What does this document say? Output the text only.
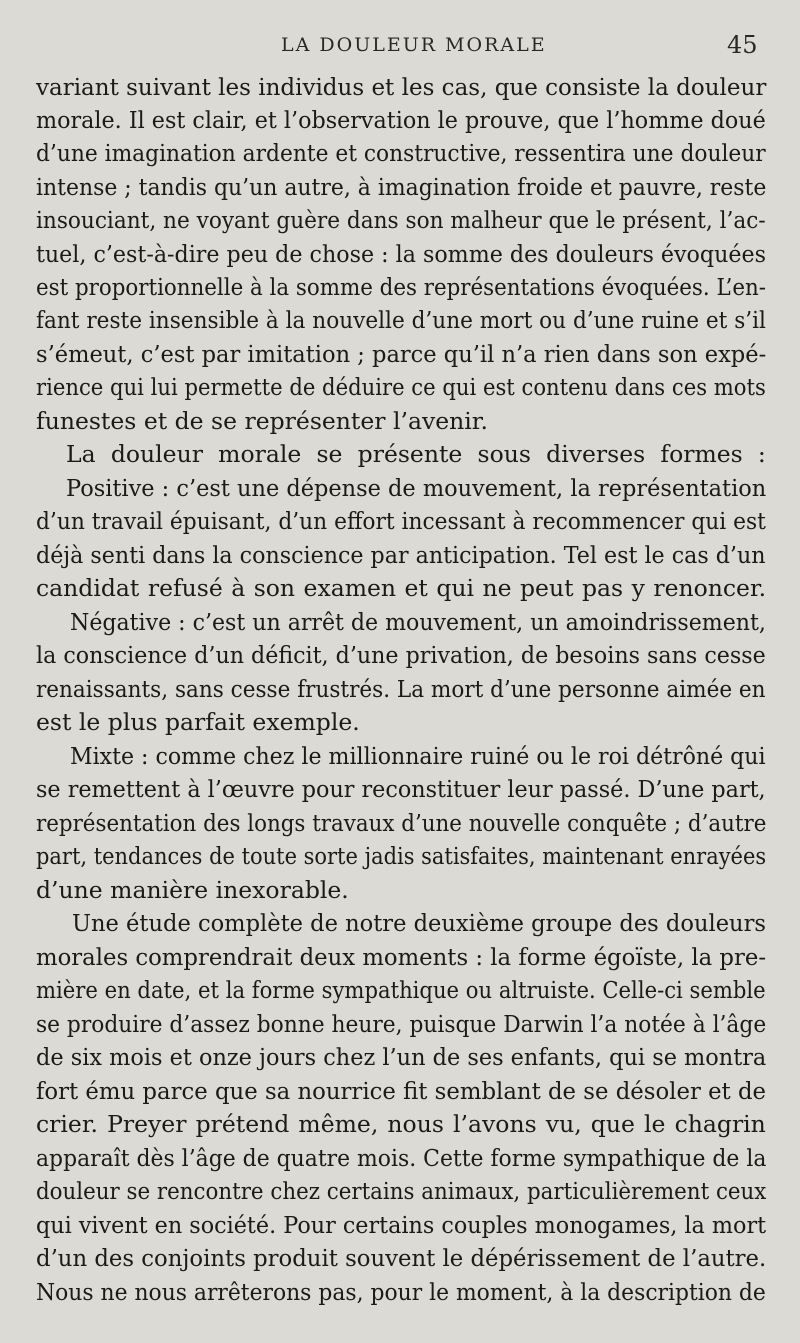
LA DOULEUR MORALE	45
variant suivant les individus et les cas, que consiste la douleur
morale. Il est clair, et l’observation le prouve, que l’homme doué
d’une imagination ardente et constructive, ressentira une douleur
intense ; tandis qu’un autre, à imagination froide et pauvre, reste
insouciant, ne voyant guère dans son malheur que le présent, l’ac-
tuel, c’est-à-dire peu de chose : la somme des douleurs évoquées
est proportionnelle à la somme des représentations évoquées. L’en-
fant reste insensible à la nouvelle d’une mort ou d’une ruine et s’il
s’émeut, c’est par imitation ; parce qu’il n’a rien dans son expé-
rience qui lui permette de déduire ce qui est contenu dans ces mots
funestes et de se représenter l’avenir.
La douleur morale se présente sous diverses formes :
Positive : c’est une dépense de mouvement, la représentation
d’un travail épuisant, d’un effort incessant à recommencer qui est
déjà senti dans la conscience par anticipation. Tel est le cas d’un
candidat refusé à son examen et qui ne peut pas y renoncer.
Négative : c’est un arrêt de mouvement, un amoindrissement,
la conscience d’un déficit, d’une privation, de besoins sans cesse
renaissants, sans cesse frustrés. La mort d’une personne aimée en
est le plus parfait exemple.
Mixte : comme chez le millionnaire ruiné ou le roi détrôné qui
se remettent à l’œuvre pour reconstituer leur passé. D’une part,
représentation des longs travaux d’une nouvelle conquête ; d’autre
part, tendances de toute sorte jadis satisfaites, maintenant enrayées
d’une manière inexorable.
Une étude complète de notre deuxième groupe des douleurs
morales comprendrait deux moments : la forme égoïste, la pre-
mière en date, et la forme sympathique ou altruiste. Celle-ci semble
se produire d’assez bonne heure, puisque Darwin l’a notée à l’âge
de six mois et onze jours chez l’un de ses enfants, qui se montra
fort ému parce que sa nourrice fit semblant de se désoler et de
crier. Preyer prétend même, nous l’avons vu, que le chagrin
apparaît dès l’âge de quatre mois. Cette forme sympathique de la
douleur se rencontre chez certains animaux, particulièrement ceux
qui vivent en société. Pour certains couples monogames, la mort
d’un des conjoints produit souvent le dépérissement de l’autre.
Nous ne nous arrêterons pas, pour le moment, à la description de
